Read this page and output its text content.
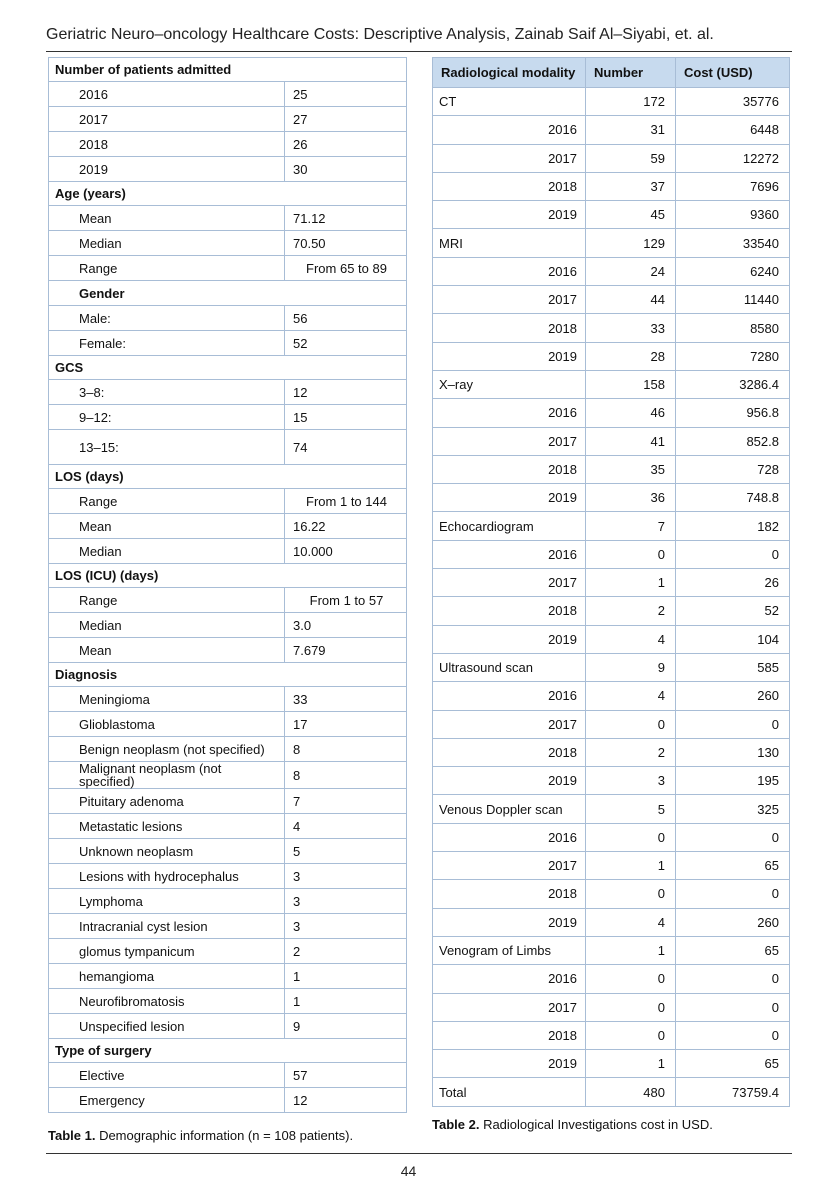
Geriatric Neuro–oncology Healthcare Costs: Descriptive Analysis, Zainab Saif Al–Siyabi, et. al.
Number of patients admitted	
2016	25
2017	27
2018	26
2019	30
Age (years)	
Mean	71.12
Median	70.50
Range	From 65 to 89
Gender	
Male:	56
Female:	52
GCS	
3–8:	12
9–12:	15
13–15:	74
LOS (days)	
Range	From 1 to 144
Mean	16.22
Median	10.000
LOS (ICU) (days)	
Range	From 1 to 57
Median	3.0
Mean	7.679
Diagnosis	
Meningioma	33
Glioblastoma	17
Benign neoplasm (not specified)	8
Malignant neoplasm (not specified)	8
Pituitary adenoma	7
Metastatic lesions	4
Unknown neoplasm	5
Lesions with hydrocephalus	3
Lymphoma	3
Intracranial cyst lesion	3
glomus tympanicum	2
hemangioma	1
Neurofibromatosis	1
Unspecified lesion	9
Type of surgery	
Elective	57
Emergency	12
Radiological modality	Number	Cost (USD)
CT	172	35776
2016	31	6448
2017	59	12272
2018	37	7696
2019	45	9360
MRI	129	33540
2016	24	6240
2017	44	11440
2018	33	8580
2019	28	7280
X–ray	158	3286.4
2016	46	956.8
2017	41	852.8
2018	35	728
2019	36	748.8
Echocardiogram	7	182
2016	0	0
2017	1	26
2018	2	52
2019	4	104
Ultrasound scan	9	585
2016	4	260
2017	0	0
2018	2	130
2019	3	195
Venous Doppler scan	5	325
2016	0	0
2017	1	65
2018	0	0
2019	4	260
Venogram of Limbs	1	65
2016	0	0
2017	0	0
2018	0	0
2019	1	65
Total	480	73759.4
Table 1. Demographic information (n = 108 patients).
Table 2. Radiological Investigations cost in USD.
44
